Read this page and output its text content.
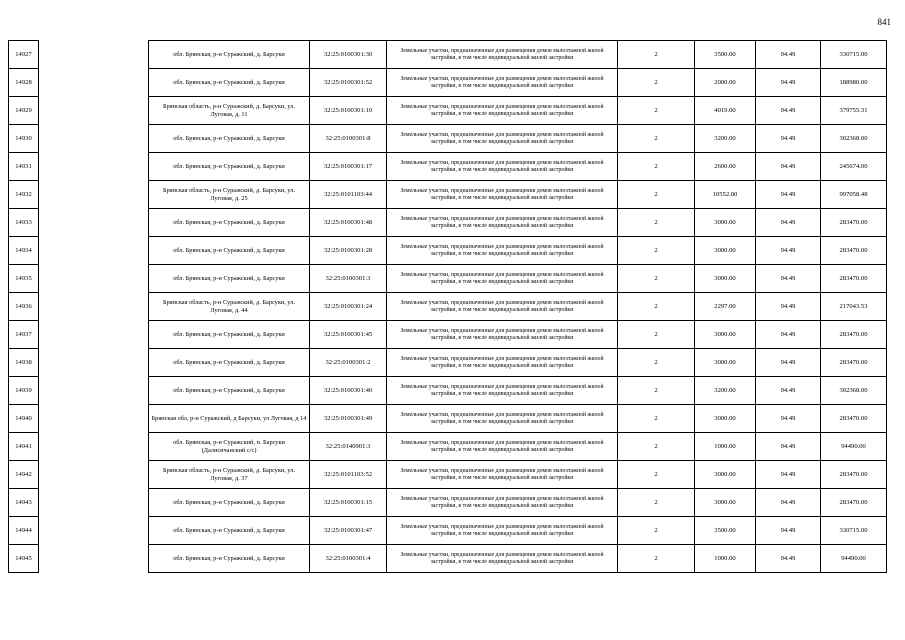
841
14927		обл. Брянская, р-н Суражский, д. Барсуки	32:25:0100301:30	Земельные участки, предназначенные для размещения домов малоэтажной жилой застройки, в том числе индивидуальной жилой застройки	2	3500.00	94.49	330715.00
14928		обл. Брянская, р-н Суражский, д. Барсуки	32:25:0100301:52	Земельные участки, предназначенные для размещения домов малоэтажной жилой застройки, в том числе индивидуальной жилой застройки	2	2000.00	94.49	188980.00
14929		Брянская область, р-н Суражский, д. Барсуки, ул. Луговая, д. 11	32:25:0100301:10	Земельные участки, предназначенные для размещения домов малоэтажной жилой застройки, в том числе индивидуальной жилой застройки	2	4019.00	94.49	379755.31
14930		обл. Брянская, р-н Суражский, д. Барсуки	32:25:0100301:8	Земельные участки, предназначенные для размещения домов малоэтажной жилой застройки, в том числе индивидуальной жилой застройки	2	3200.00	94.49	302368.00
14931		обл. Брянская, р-н Суражский, д. Барсуки	32:25:0100301:17	Земельные участки, предназначенные для размещения домов малоэтажной жилой застройки, в том числе индивидуальной жилой застройки	2	2600.00	94.49	245674.00
14932		Брянская область, р-н Суражский, д. Барсуки, ул. Луговая, д. 25	32:25:0101103:44	Земельные участки, предназначенные для размещения домов малоэтажной жилой застройки, в том числе индивидуальной жилой застройки	2	10552.00	94.49	997058.48
14933		обл. Брянская, р-н Суражский, д. Барсуки	32:25:0100301:48	Земельные участки, предназначенные для размещения домов малоэтажной жилой застройки, в том числе индивидуальной жилой застройки	2	3000.00	94.49	283470.00
14934		обл. Брянская, р-н Суражский, д. Барсуки	32:25:0100301:28	Земельные участки, предназначенные для размещения домов малоэтажной жилой застройки, в том числе индивидуальной жилой застройки	2	3000.00	94.49	283470.00
14935		обл. Брянская, р-н Суражский, д. Барсуки	32:25:0100301:3	Земельные участки, предназначенные для размещения домов малоэтажной жилой застройки, в том числе индивидуальной жилой застройки	2	3000.00	94.49	283470.00
14936		Брянская область, р-н Суражский, д. Барсуки, ул. Луговая, д. 44	32:25:0100301:24	Земельные участки, предназначенные для размещения домов малоэтажной жилой застройки, в том числе индивидуальной жилой застройки	2	2297.00	94.49	217043.53
14937		обл. Брянская, р-н Суражский, д. Барсуки	32:25:0100301:45	Земельные участки, предназначенные для размещения домов малоэтажной жилой застройки, в том числе индивидуальной жилой застройки	2	3000.00	94.49	283470.00
14938		обл. Брянская, р-н Суражский, д. Барсуки	32:25:0100301:2	Земельные участки, предназначенные для размещения домов малоэтажной жилой застройки, в том числе индивидуальной жилой застройки	2	3000.00	94.49	283470.00
14939		обл. Брянская, р-н Суражский, д. Барсуки	32:25:0100301:40	Земельные участки, предназначенные для размещения домов малоэтажной жилой застройки, в том числе индивидуальной жилой застройки	2	3200.00	94.49	302368.00
14940		Брянская обл, р-н Суражский, д Барсуки, ул Луговая, д 14	32:25:0100301:49	Земельные участки, предназначенные для размещения домов малоэтажной жилой застройки, в том числе индивидуальной жилой застройки	2	3000.00	94.49	283470.00
14941		обл. Брянская, р-н Суражский, п. Барсуки (Далисичанский с/с)	32:25:0140901:3	Земельные участки, предназначенные для размещения домов малоэтажной жилой застройки, в том числе индивидуальной жилой застройки	2	1000.00	94.49	94490.00
14942		Брянская область, р-н Суражский, д. Барсуки, ул. Луговая, д. 37	32:25:0101103:52	Земельные участки, предназначенные для размещения домов малоэтажной жилой застройки, в том числе индивидуальной жилой застройки	2	3000.00	94.49	283470.00
14943		обл. Брянская, р-н Суражский, д. Барсуки	32:25:0100301:15	Земельные участки, предназначенные для размещения домов малоэтажной жилой застройки, в том числе индивидуальной жилой застройки	2	3000.00	94.49	283470.00
14944		обл. Брянская, р-н Суражский, д. Барсуки	32:25:0100301:47	Земельные участки, предназначенные для размещения домов малоэтажной жилой застройки, в том числе индивидуальной жилой застройки	2	3500.00	94.49	330715.00
14945		обл. Брянская, р-н Суражский, д. Барсуки	32:25:0100301:4	Земельные участки, предназначенные для размещения домов малоэтажной жилой застройки, в том числе индивидуальной жилой застройки	2	1000.00	94.49	94490.00
